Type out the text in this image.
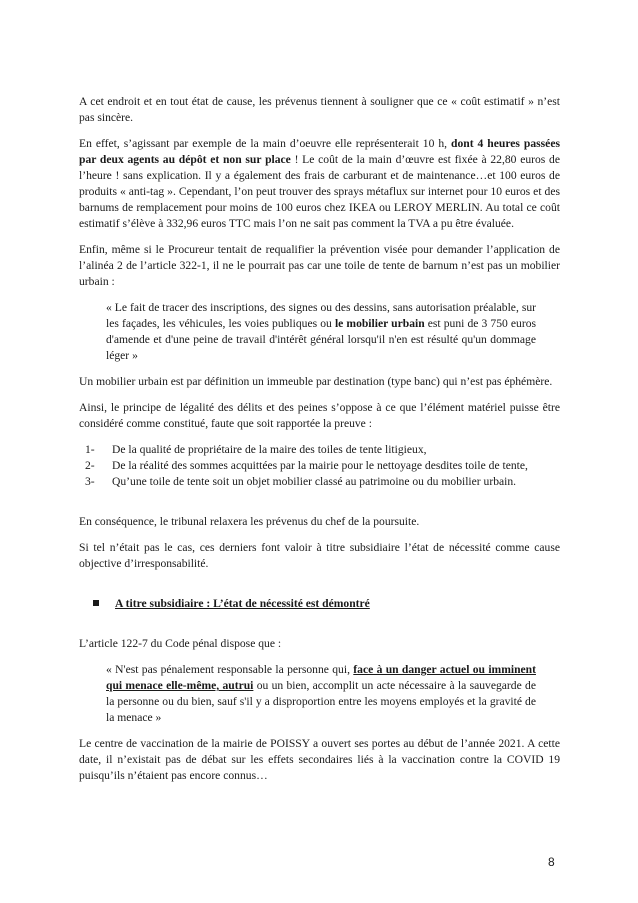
A cet endroit et en tout état de cause, les prévenus tiennent à souligner que ce « coût estimatif » n’est pas sincère.

En effet, s’agissant par exemple de la main d’oeuvre elle représenterait 10 h, dont 4 heures passées par deux agents au dépôt et non sur place ! Le coût de la main d’œuvre est fixée à 22,80 euros de l’heure ! sans explication. Il y a également des frais de carburant et de maintenance…et 100 euros de produits « anti-tag ». Cependant, l’on peut trouver des sprays métaflux sur internet pour 10 euros et des barnums de remplacement pour moins de 100 euros chez IKEA ou LEROY MERLIN. Au total ce coût estimatif s’élève à 332,96 euros TTC mais l’on ne sait pas comment la TVA a pu être évaluée.

Enfin, même si le Procureur tentait de requalifier la prévention visée pour demander l’application de l’alinéa 2 de l’article 322-1, il ne le pourrait pas car une toile de tente de barnum n’est pas un mobilier urbain :

« Le fait de tracer des inscriptions, des signes ou des dessins, sans autorisation préalable, sur les façades, les véhicules, les voies publiques ou le mobilier urbain est puni de 3 750 euros d'amende et d'une peine de travail d'intérêt général lorsqu'il n'en est résulté qu'un dommage léger »

Un mobilier urbain est par définition un immeuble par destination (type banc) qui n’est pas éphémère.

Ainsi, le principe de légalité des délits et des peines s’oppose à ce que l’élément matériel puisse être considéré comme constitué, faute que soit rapportée la preuve :

1-	De la qualité de propriétaire de la maire des toiles de tente litigieux,
2-	De la réalité des sommes acquittées par la mairie pour le nettoyage desdites toile de tente,
3-	Qu’une toile de tente soit un objet mobilier classé au patrimoine ou du mobilier urbain.

En conséquence, le tribunal relaxera les prévenus du chef de la poursuite.

Si tel n’était pas le cas, ces derniers font valoir à titre subsidiaire l’état de nécessité comme cause objective d’irresponsabilité.

A titre subsidiaire : L’état de nécessité est démontré

L’article 122-7 du Code pénal dispose que :

« N'est pas pénalement responsable la personne qui, face à un danger actuel ou imminent qui menace elle-même, autrui ou un bien, accomplit un acte nécessaire à la sauvegarde de la personne ou du bien, sauf s'il y a disproportion entre les moyens employés et la gravité de la menace »

Le centre de vaccination de la mairie de POISSY a ouvert ses portes au début de l’année 2021. A cette date, il n’existait pas de débat sur les effets secondaires liés à la vaccination contre la COVID 19 puisqu’ils n’étaient pas encore connus…

8
